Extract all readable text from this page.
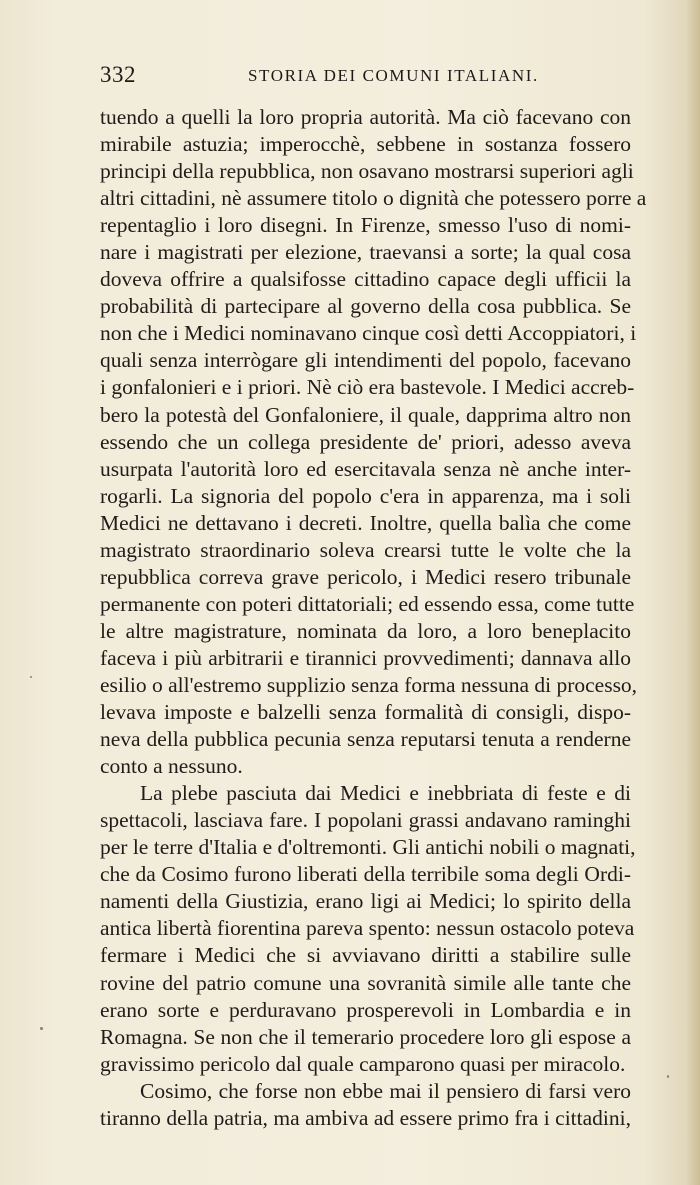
332	STORIA DEI COMUNI ITALIANI.
tuendo a quelli la loro propria autorità. Ma ciò facevano con
mirabile astuzia; imperocchè, sebbene in sostanza fossero
principi della repubblica, non osavano mostrarsi superiori agli
altri cittadini, nè assumere titolo o dignità che potessero porre a
repentaglio i loro disegni. In Firenze, smesso l'uso di nomi-
nare i magistrati per elezione, traevansi a sorte; la qual cosa
doveva offrire a qualsifosse cittadino capace degli ufficii la
probabilità di partecipare al governo della cosa pubblica. Se
non che i Medici nominavano cinque così detti Accoppiatori, i
quali senza interrògare gli intendimenti del popolo, facevano
i gonfalonieri e i priori. Nè ciò era bastevole. I Medici accreb-
bero la potestà del Gonfaloniere, il quale, dapprima altro non
essendo che un collega presidente de' priori, adesso aveva
usurpata l'autorità loro ed esercitavala senza nè anche inter-
rogarli. La signoria del popolo c'era in apparenza, ma i soli
Medici ne dettavano i decreti. Inoltre, quella balìa che come
magistrato straordinario soleva crearsi tutte le volte che la
repubblica correva grave pericolo, i Medici resero tribunale
permanente con poteri dittatoriali; ed essendo essa, come tutte
le altre magistrature, nominata da loro, a loro beneplacito
faceva i più arbitrarii e tirannici provvedimenti; dannava allo
esilio o all'estremo supplizio senza forma nessuna di processo,
levava imposte e balzelli senza formalità di consigli, dispo-
neva della pubblica pecunia senza reputarsi tenuta a renderne
conto a nessuno.
La plebe pasciuta dai Medici e inebbriata di feste e di
spettacoli, lasciava fare. I popolani grassi andavano raminghi
per le terre d'Italia e d'oltremonti. Gli antichi nobili o magnati,
che da Cosimo furono liberati della terribile soma degli Ordi-
namenti della Giustizia, erano ligi ai Medici; lo spirito della
antica libertà fiorentina pareva spento: nessun ostacolo poteva
fermare i Medici che si avviavano diritti a stabilire sulle
rovine del patrio comune una sovranità simile alle tante che
erano sorte e perduravano prosperevoli in Lombardia e in
Romagna. Se non che il temerario procedere loro gli espose a
gravissimo pericolo dal quale camparono quasi per miracolo.
Cosimo, che forse non ebbe mai il pensiero di farsi vero
tiranno della patria, ma ambiva ad essere primo fra i cittadini,
